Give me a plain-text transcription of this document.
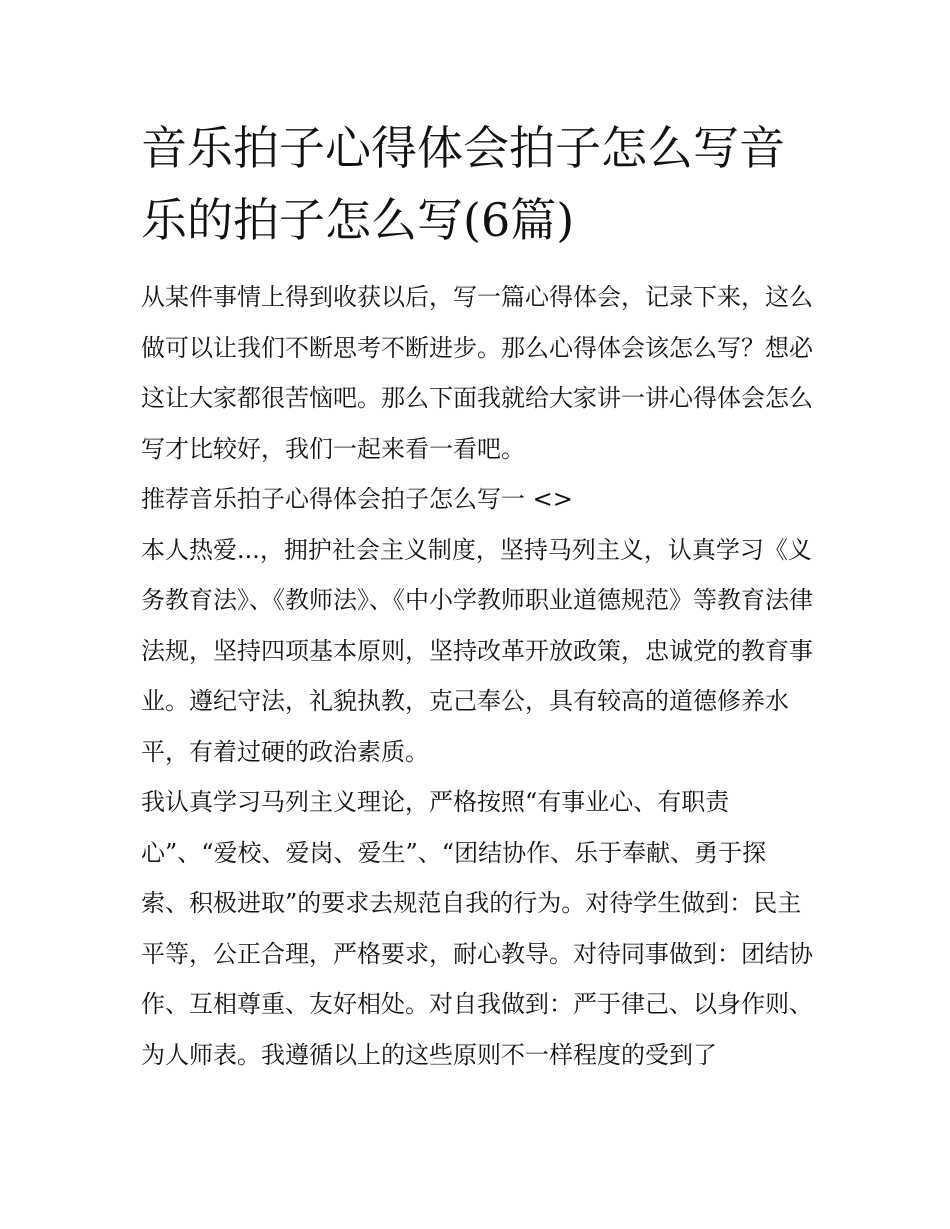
音乐拍子心得体会拍子怎么写音乐的拍子怎么写(6篇)

从某件事情上得到收获以后，写一篇心得体会，记录下来，这么做可以让我们不断思考不断进步。那么心得体会该怎么写？想必这让大家都很苦恼吧。那么下面我就给大家讲一讲心得体会怎么写才比较好，我们一起来看一看吧。

推荐音乐拍子心得体会拍子怎么写一 <>

本人热爱...，拥护社会主义制度，坚持马列主义，认真学习《义务教育法》、《教师法》、《中小学教师职业道德规范》等教育法律法规，坚持四项基本原则，坚持改革开放政策，忠诚党的教育事业。遵纪守法，礼貌执教，克己奉公，具有较高的道德修养水平，有着过硬的政治素质。

我认真学习马列主义理论，严格按照“有事业心、有职责心”、“爱校、爱岗、爱生”、“团结协作、乐于奉献、勇于探索、积极进取”的要求去规范自我的行为。对待学生做到：民主平等，公正合理，严格要求，耐心教导。对待同事做到：团结协作、互相尊重、友好相处。对自我做到：严于律己、以身作则、为人师表。我遵循以上的这些原则不一样程度的受到了
